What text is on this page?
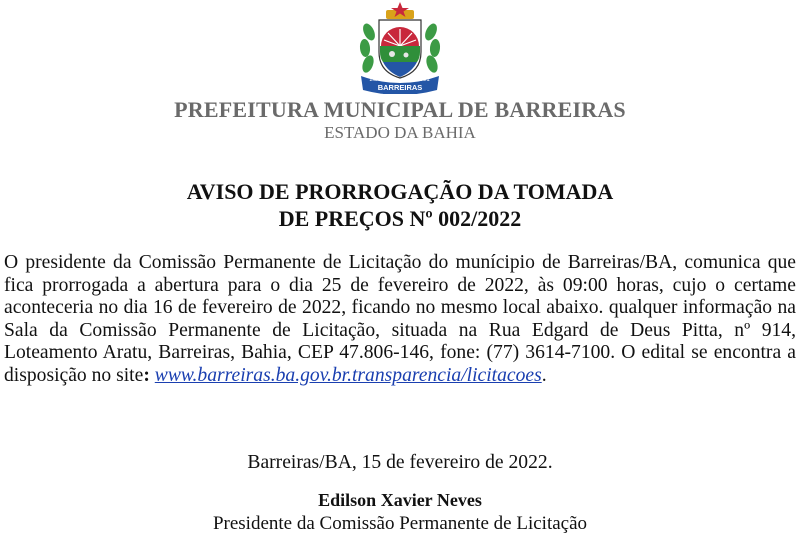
BARREIRAS
26/05	1891
PREFEITURA MUNICIPAL DE BARREIRAS
ESTADO DA BAHIA
AVISO DE PRORROGAÇÃO DA TOMADA
DE PREÇOS Nº 002/2022
O presidente da Comissão Permanente de Licitação do munícipio de Barreiras/BA, comunica que fica prorrogada a abertura para o dia 25 de fevereiro de 2022, às 09:00 horas, cujo o certame aconteceria no dia 16 de fevereiro de 2022, ficando no mesmo local abaixo. qualquer informação na Sala da Comissão Permanente de Licitação, situada na Rua Edgard de Deus Pitta, nº 914, Loteamento Aratu, Barreiras, Bahia, CEP 47.806-146, fone: (77) 3614-7100. O edital se encontra a disposição no site: www.barreiras.ba.gov.br.transparencia/licitacoes.
Barreiras/BA, 15 de fevereiro de 2022.
Edilson Xavier Neves
Presidente da Comissão Permanente de Licitação
